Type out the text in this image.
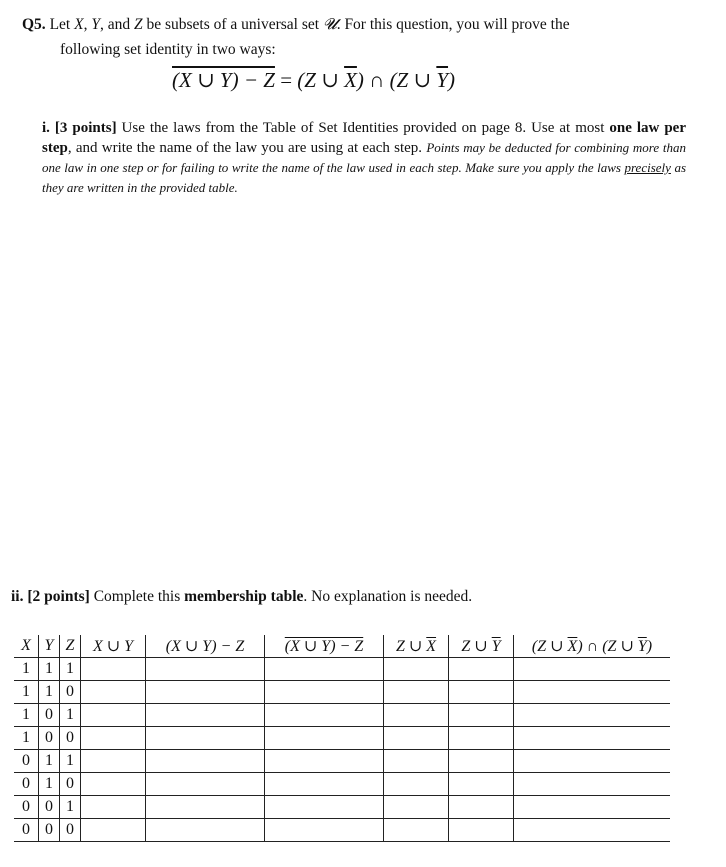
Q5. Let X, Y, and Z be subsets of a universal set 𝓤. For this question, you will prove the
following set identity in two ways:
(X ∪ Y) − Z = (Z ∪ $\overline{X}$) ∩ (Z ∪ $\overline{Y}$)
i. [3 points] Use the laws from the Table of Set Identities provided on page 8. Use at most one law per step, and write the name of the law you are using at each step. Points may be deducted for combining more than one law in one step or for failing to write the name of the law used in each step. Make sure you apply the laws precisely as they are written in the provided table.
ii. [2 points] Complete this membership table. No explanation is needed.
X	Y	Z	X ∪ Y	(X ∪ Y) − Z	(X ∪ Y) − Z	Z ∪ $\overline{X}$	Z ∪ $\overline{Y}$	(Z ∪ $\overline{X}$) ∩ (Z ∪ $\overline{Y}$)
1	1	1						
1	1	0						
1	0	1						
1	0	0						
0	1	1						
0	1	0						
0	0	1						
0	0	0						
